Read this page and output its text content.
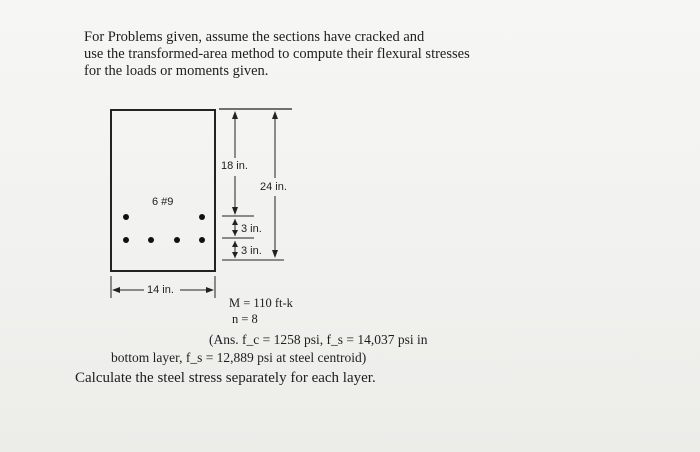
For Problems given, assume the sections have cracked and
use the transformed-area method to compute their flexural stresses
for the loads or moments given.
18 in.
24 in.
6 #9
3 in.
3 in.
14 in.
M = 110 ft-k
n = 8
(Ans. f_c = 1258 psi, f_s = 14,037 psi in
bottom layer, f_s = 12,889 psi at steel centroid)
Calculate the steel stress separately for each layer.
